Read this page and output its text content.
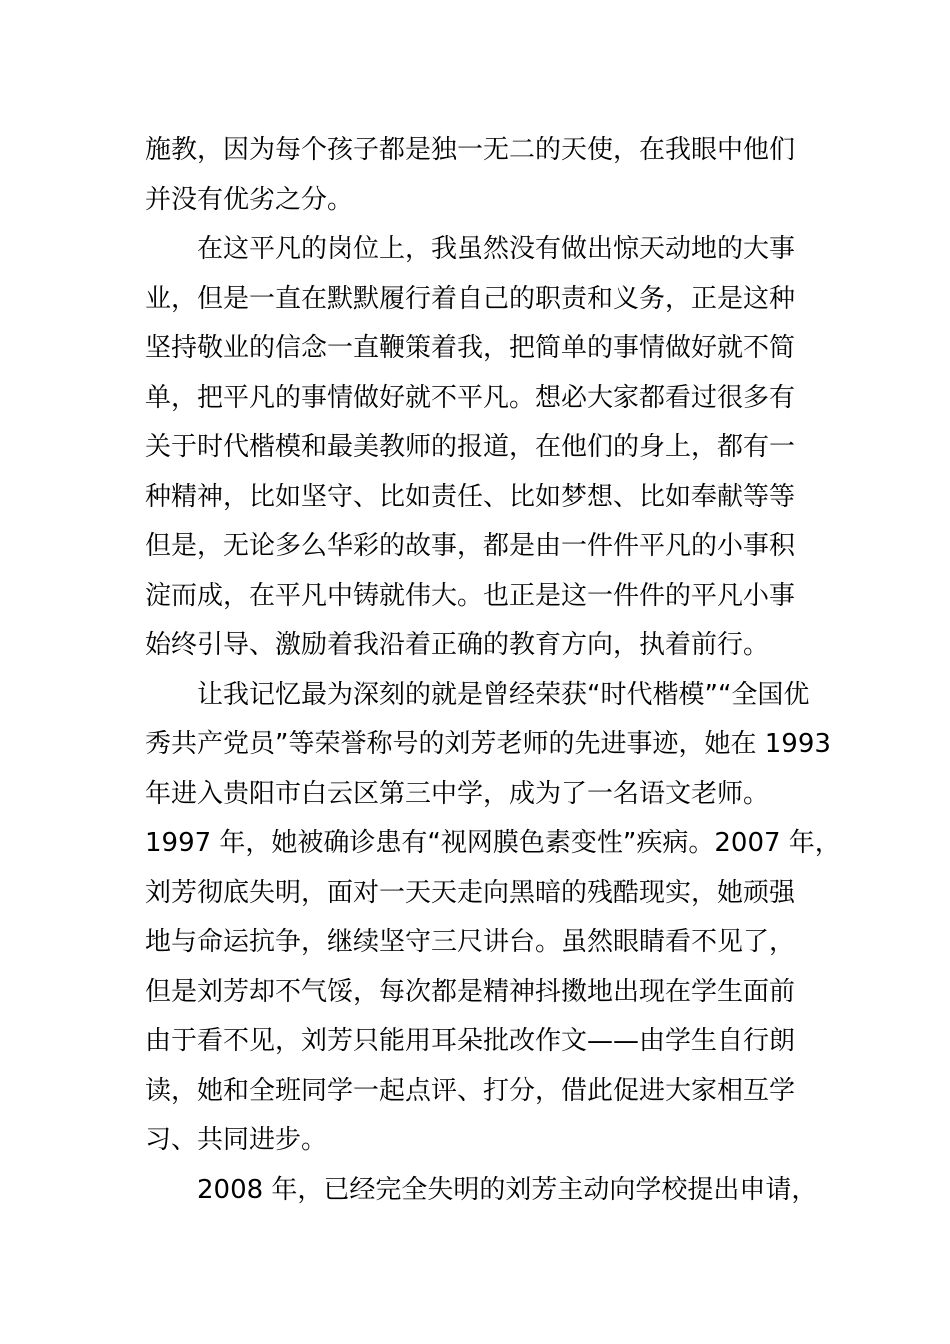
施教，因为每个孩子都是独一无二的天使，在我眼中他们
并没有优劣之分。
在这平凡的岗位上，我虽然没有做出惊天动地的大事
业，但是一直在默默履行着自己的职责和义务，正是这种
坚持敬业的信念一直鞭策着我，把简单的事情做好就不简
单，把平凡的事情做好就不平凡。想必大家都看过很多有
关于时代楷模和最美教师的报道，在他们的身上，都有一
种精神，比如坚守、比如责任、比如梦想、比如奉献等等
但是，无论多么华彩的故事，都是由一件件平凡的小事积
淀而成，在平凡中铸就伟大。也正是这一件件的平凡小事
始终引导、激励着我沿着正确的教育方向，执着前行。
让我记忆最为深刻的就是曾经荣获“时代楷模”“全国优
秀共产党员”等荣誉称号的刘芳老师的先进事迹，她在 1993
年进入贵阳市白云区第三中学，成为了一名语文老师。
1997 年，她被确诊患有“视网膜色素变性”疾病。2007 年，
刘芳彻底失明，面对一天天走向黑暗的残酷现实，她顽强
地与命运抗争，继续坚守三尺讲台。虽然眼睛看不见了，
但是刘芳却不气馁，每次都是精神抖擞地出现在学生面前
由于看不见，刘芳只能用耳朵批改作文——由学生自行朗
读，她和全班同学一起点评、打分，借此促进大家相互学
习、共同进步。
2008 年，已经完全失明的刘芳主动向学校提出申请，
